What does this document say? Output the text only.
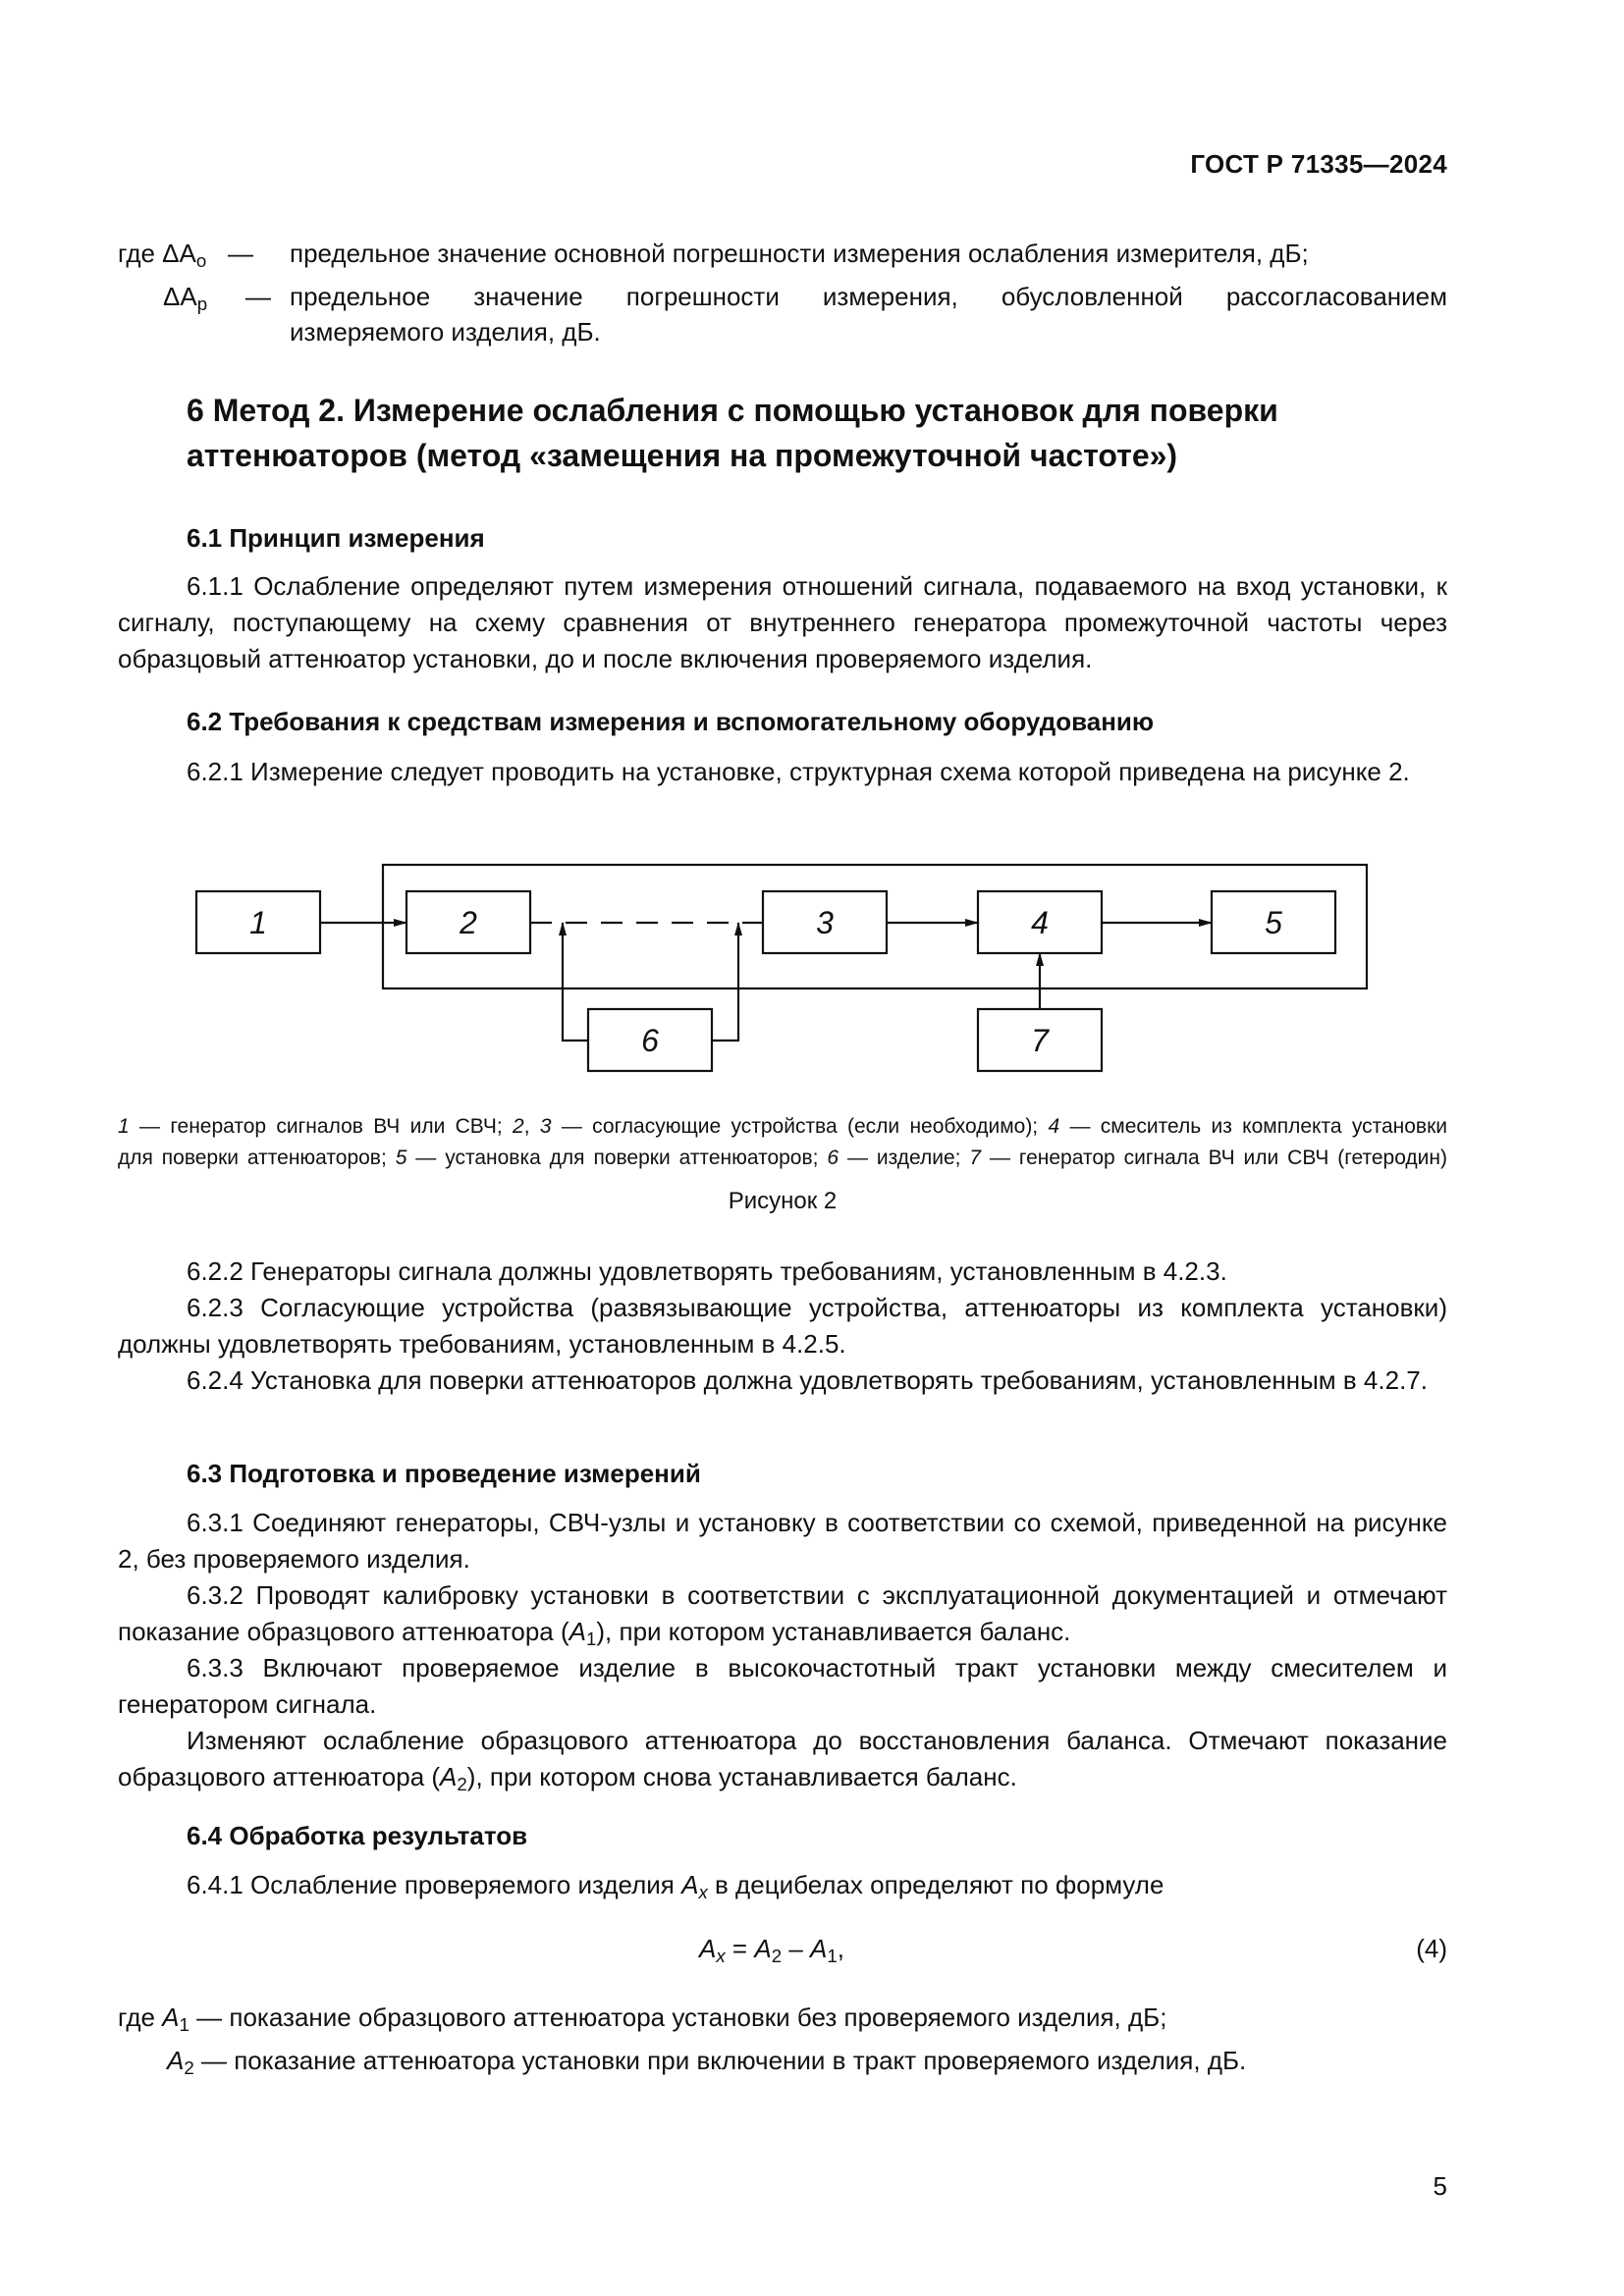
ГОСТ Р 71335—2024
где $\Delta A_о$ — предельное значение основной погрешности измерения ослабления измерителя, дБ;
$\Delta A_р$ — предельное значение погрешности измерения, обусловленной рассогласованием
измеряемого изделия, дБ.
6 Метод 2. Измерение ослабления с помощью установок для поверки
аттенюаторов (метод «замещения на промежуточной частоте»)
6.1 Принцип измерения
6.1.1 Ослабление определяют путем измерения отношений сигнала, подаваемого на вход установки, к сигналу, поступающему на схему сравнения от внутреннего генератора промежуточной частоты через образцовый аттенюатор установки, до и после включения проверяемого изделия.
6.2 Требования к средствам измерения и вспомогательному оборудованию
6.2.1 Измерение следует проводить на установке, структурная схема которой приведена на рисунке 2.
1	2	3	4	5
6	7
1 — генератор сигналов ВЧ или СВЧ; 2, 3 — согласующие устройства (если необходимо); 4 — смеситель из комплекта установки
для поверки аттенюаторов; 5 — установка для поверки аттенюаторов; 6 — изделие; 7 — генератор сигнала ВЧ или СВЧ (гетеродин)
Рисунок 2
6.2.2 Генераторы сигнала должны удовлетворять требованиям, установленным в 4.2.3.
6.2.3 Согласующие устройства (развязывающие устройства, аттенюаторы из комплекта установки) должны удовлетворять требованиям, установленным в 4.2.5.
6.2.4 Установка для поверки аттенюаторов должна удовлетворять требованиям, установленным в 4.2.7.
6.3 Подготовка и проведение измерений
6.3.1 Соединяют генераторы, СВЧ-узлы и установку в соответствии со схемой, приведенной на рисунке 2, без проверяемого изделия.
6.3.2 Проводят калибровку установки в соответствии с эксплуатационной документацией и отмечают показание образцового аттенюатора $(A_1)$, при котором устанавливается баланс.
6.3.3 Включают проверяемое изделие в высокочастотный тракт установки между смесителем и генератором сигнала.
Изменяют ослабление образцового аттенюатора до восстановления баланса. Отмечают показание образцового аттенюатора $(A_2)$, при котором снова устанавливается баланс.
6.4 Обработка результатов
6.4.1 Ослабление проверяемого изделия $A_x$ в децибелах определяют по формуле
$A_x = A_2 - A_1$,	(4)
где $A_1$ — показание образцового аттенюатора установки без проверяемого изделия, дБ;
$A_2$ — показание аттенюатора установки при включении в тракт проверяемого изделия, дБ.
5
